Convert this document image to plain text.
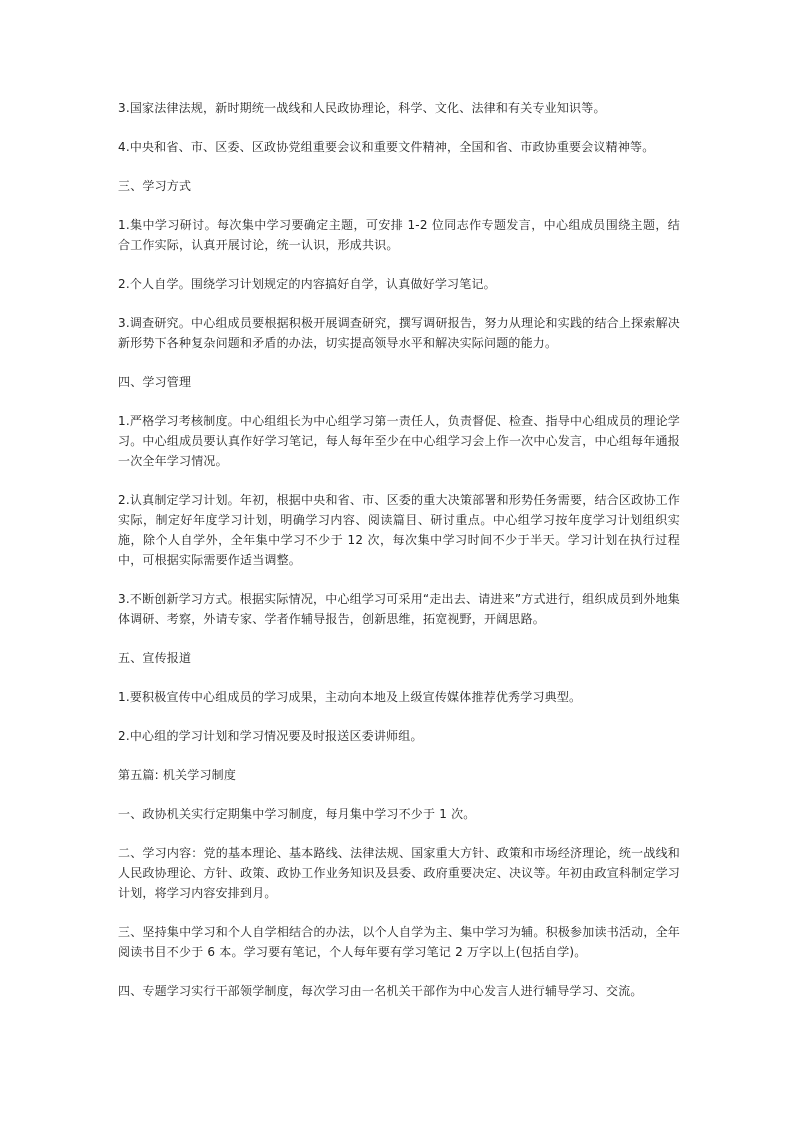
3.国家法律法规，新时期统一战线和人民政协理论，科学、文化、法律和有关专业知识等。

4.中央和省、市、区委、区政协党组重要会议和重要文件精神，全国和省、市政协重要会议精神等。

三、学习方式

1.集中学习研讨。每次集中学习要确定主题，可安排 1-2 位同志作专题发言，中心组成员围绕主题，结合工作实际，认真开展讨论，统一认识，形成共识。

2.个人自学。围绕学习计划规定的内容搞好自学，认真做好学习笔记。

3.调查研究。中心组成员要根据积极开展调查研究，撰写调研报告，努力从理论和实践的结合上探索解决新形势下各种复杂问题和矛盾的办法，切实提高领导水平和解决实际问题的能力。

四、学习管理

1.严格学习考核制度。中心组组长为中心组学习第一责任人，负责督促、检查、指导中心组成员的理论学习。中心组成员要认真作好学习笔记，每人每年至少在中心组学习会上作一次中心发言，中心组每年通报一次全年学习情况。

2.认真制定学习计划。年初，根据中央和省、市、区委的重大决策部署和形势任务需要，结合区政协工作实际，制定好年度学习计划，明确学习内容、阅读篇目、研讨重点。中心组学习按年度学习计划组织实施，除个人自学外，全年集中学习不少于 12 次，每次集中学习时间不少于半天。学习计划在执行过程中，可根据实际需要作适当调整。

3.不断创新学习方式。根据实际情况，中心组学习可采用“走出去、请进来”方式进行，组织成员到外地集体调研、考察，外请专家、学者作辅导报告，创新思维，拓宽视野，开阔思路。

五、宣传报道

1.要积极宣传中心组成员的学习成果，主动向本地及上级宣传媒体推荐优秀学习典型。

2.中心组的学习计划和学习情况要及时报送区委讲师组。

第五篇: 机关学习制度

一、政协机关实行定期集中学习制度，每月集中学习不少于 1 次。

二、学习内容：党的基本理论、基本路线、法律法规、国家重大方针、政策和市场经济理论，统一战线和人民政协理论、方针、政策、政协工作业务知识及县委、政府重要决定、决议等。年初由政宣科制定学习计划，将学习内容安排到月。

三、坚持集中学习和个人自学相结合的办法，以个人自学为主、集中学习为辅。积极参加读书活动，全年阅读书目不少于 6 本。学习要有笔记，个人每年要有学习笔记 2 万字以上(包括自学)。

四、专题学习实行干部领学制度，每次学习由一名机关干部作为中心发言人进行辅导学习、交流。
